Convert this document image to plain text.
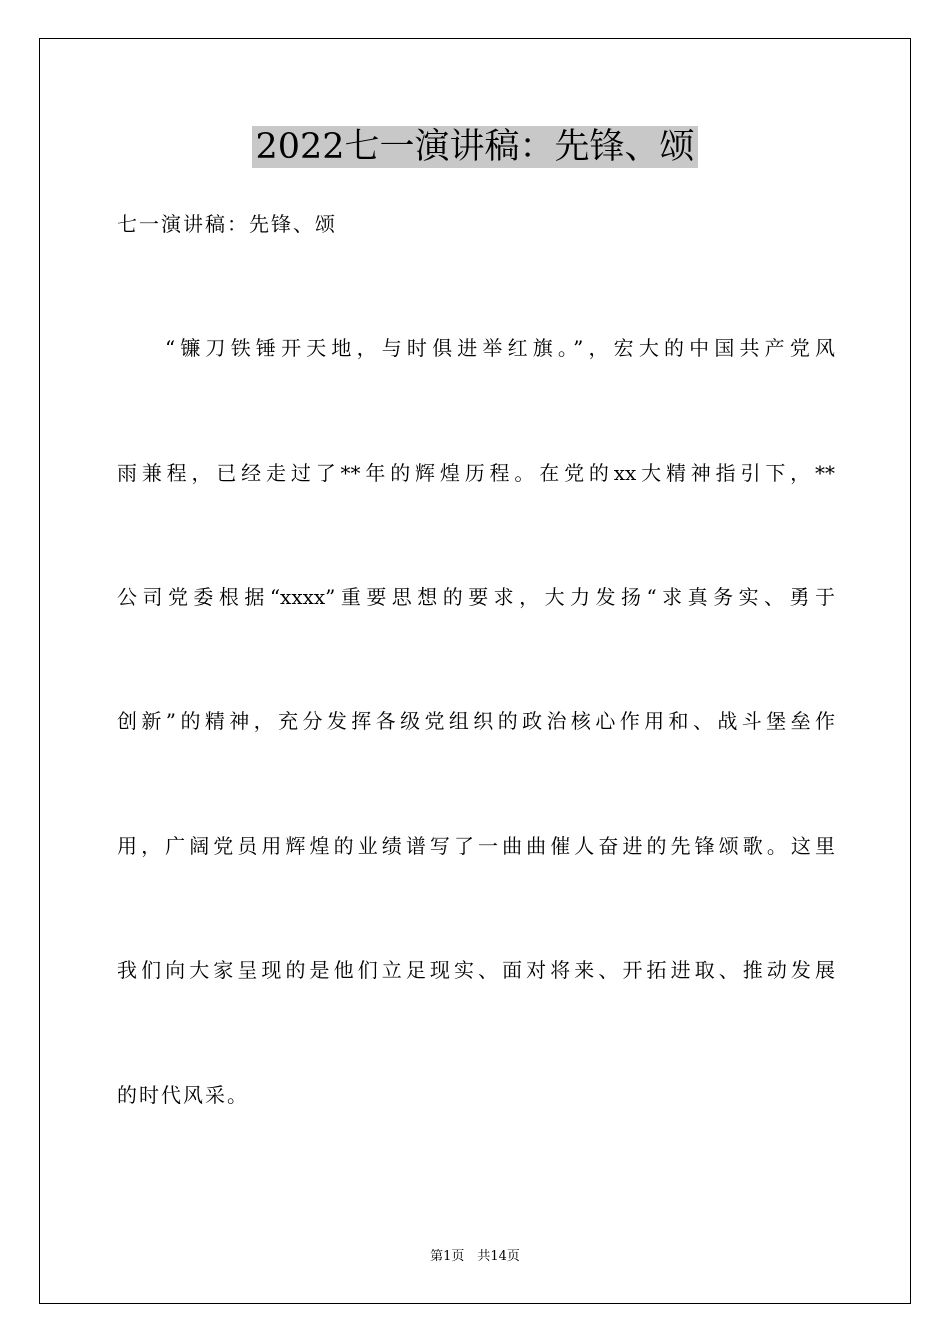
2022七一演讲稿：先锋、颂
七一演讲稿：先锋、颂
“镰刀铁锤开天地，与时俱进举红旗。”，宏大的中国共产党风
雨兼程，已经走过了**年的辉煌历程。在党的xx大精神指引下，**
公司党委根据“xxxx”重要思想的要求，大力发扬“求真务实、勇于
创新”的精神，充分发挥各级党组织的政治核心作用和、战斗堡垒作
用，广阔党员用辉煌的业绩谱写了一曲曲催人奋进的先锋颂歌。这里
我们向大家呈现的是他们立足现实、面对将来、开拓进取、推动发展
的时代风采。
第1页　共14页
